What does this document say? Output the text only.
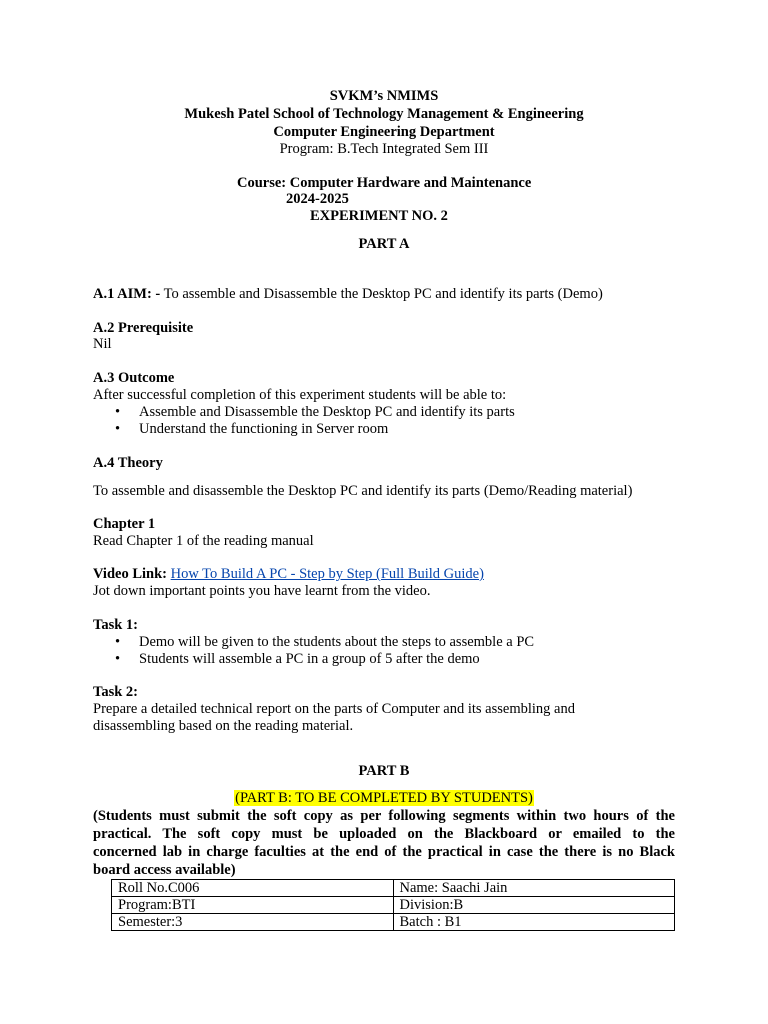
SVKM’s NMIMS
Mukesh Patel School of Technology Management & Engineering
Computer Engineering Department
Program: B.Tech Integrated Sem III
Course: Computer Hardware and Maintenance
2024-2025
EXPERIMENT NO. 2
PART A
A.1 AIM: - To assemble and Disassemble the Desktop PC and identify its parts (Demo)
A.2 Prerequisite
Nil
A.3 Outcome
After successful completion of this experiment students will be able to:
• Assemble and Disassemble the Desktop PC and identify its parts
• Understand the functioning in Server room
A.4 Theory
To assemble and disassemble the Desktop PC and identify its parts (Demo/Reading material)
Chapter 1
Read Chapter 1 of the reading manual
Video Link: How To Build A PC - Step by Step (Full Build Guide)
Jot down important points you have learnt from the video.
Task 1:
• Demo will be given to the students about the steps to assemble a PC
• Students will assemble a PC in a group of 5 after the demo
Task 2:
Prepare a detailed technical report on the parts of Computer and its assembling and
disassembling based on the reading material.
PART B
(PART B: TO BE COMPLETED BY STUDENTS)
(Students must submit the soft copy as per following segments within two hours of the
practical. The soft copy must be uploaded on the Blackboard or emailed to the
concerned lab in charge faculties at the end of the practical in case the there is no Black
board access available)
Roll No.C006	Name: Saachi Jain
Program:BTI	Division:B
Semester:3	Batch : B1
